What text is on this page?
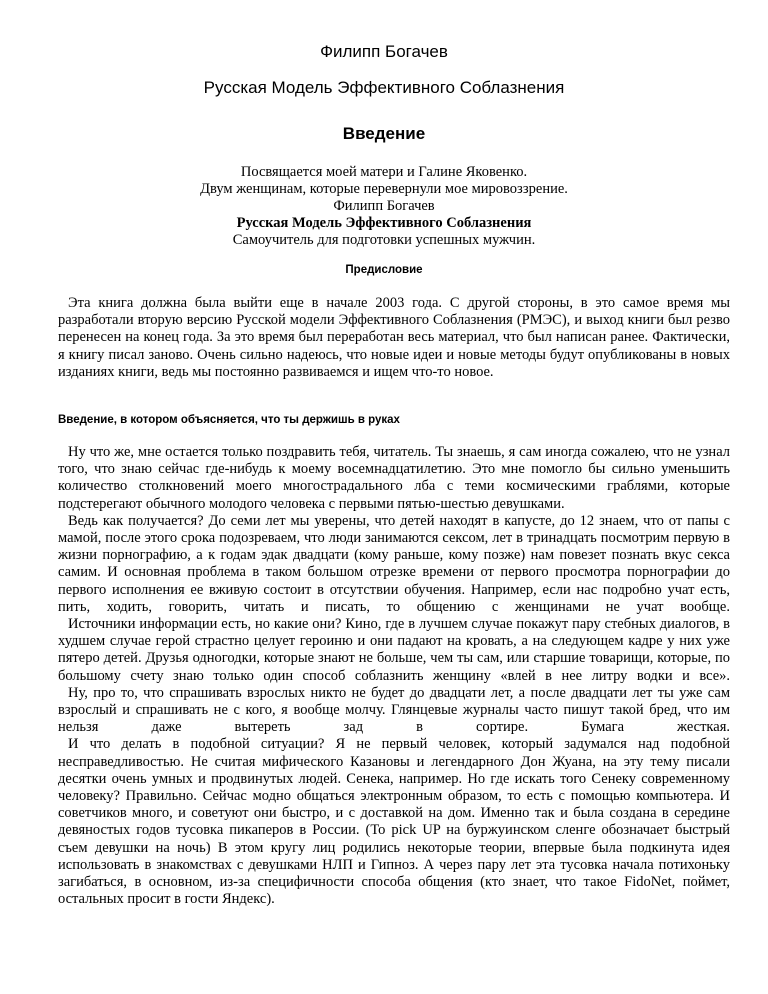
Филипп Богачев
Русская Модель Эффективного Соблазнения
Введение
Посвящается моей матери и Галине Яковенко.
Двум женщинам, которые перевернули мое мировоззрение.
Филипп Богачев
Русская Модель Эффективного Соблазнения
Самоучитель для подготовки успешных мужчин.
Предисловие

Эта книга должна была выйти еще в начале 2003 года. С другой стороны, в это самое время мы разработали вторую версию Русской модели Эффективного Соблазнения (РМЭС), и выход книги был резво перенесен на конец года. За это время был переработан весь материал, что был написан ранее. Фактически, я книгу писал заново. Очень сильно надеюсь, что новые идеи и новые методы будут опубликованы в новых изданиях книги, ведь мы постоянно развиваемся и ищем что-то новое.

Введение, в котором объясняется, что ты держишь в руках

Ну что же, мне остается только поздравить тебя, читатель. Ты знаешь, я сам иногда сожалею, что не узнал того, что знаю сейчас где-нибудь к моему восемнадцатилетию. Это мне помогло бы сильно уменьшить количество столкновений моего многострадального лба с теми космическими граблями, которые подстерегают обычного молодого человека с первыми пятью-шестью девушками.

Ведь как получается? До семи лет мы уверены, что детей находят в капусте, до 12 знаем, что от папы с мамой, после этого срока подозреваем, что люди занимаются сексом, лет в тринадцать посмотрим первую в жизни порнографию, а к годам эдак двадцати (кому раньше, кому позже) нам повезет познать вкус секса самим. И основная проблема в таком большом отрезке времени от первого просмотра порнографии до первого исполнения ее вживую состоит в отсутствии обучения. Например, если нас подробно учат есть, пить, ходить, говорить, читать и писать, то общению с женщинами не учат вообще.

Источники информации есть, но какие они? Кино, где в лучшем случае покажут пару стебных диалогов, в худшем случае герой страстно целует героиню и они падают на кровать, а на следующем кадре у них уже пятеро детей. Друзья одногодки, которые знают не больше, чем ты сам, или старшие товарищи, которые, по большому счету знаю только один способ соблазнить женщину «влей в нее литру водки и все».

Ну, про то, что спрашивать взрослых никто не будет до двадцати лет, а после двадцати лет ты уже сам взрослый и спрашивать не с кого, я вообще молчу. Глянцевые журналы часто пишут такой бред, что им нельзя даже вытереть зад в сортире. Бумага жесткая.

И что делать в подобной ситуации? Я не первый человек, который задумался над подобной несправедливостью. Не считая мифического Казановы и легендарного Дон Жуана, на эту тему писали десятки очень умных и продвинутых людей. Сенека, например. Но где искать того Сенеку современному человеку? Правильно. Сейчас модно общаться электронным образом, то есть с помощью компьютера. И советчиков много, и советуют они быстро, и с доставкой на дом. Именно так и была создана в середине девяностых годов тусовка пикаперов в России. (To pick UP на буржуинском сленге обозначает быстрый съем девушки на ночь) В этом кругу лиц родились некоторые теории, впервые была подкинута идея использовать в знакомствах с девушками НЛП и Гипноз. А через пару лет эта тусовка начала потихоньку загибаться, в основном, из-за специфичности способа общения (кто знает, что такое FidoNet, поймет, остальных просит в гости Яндекс).
